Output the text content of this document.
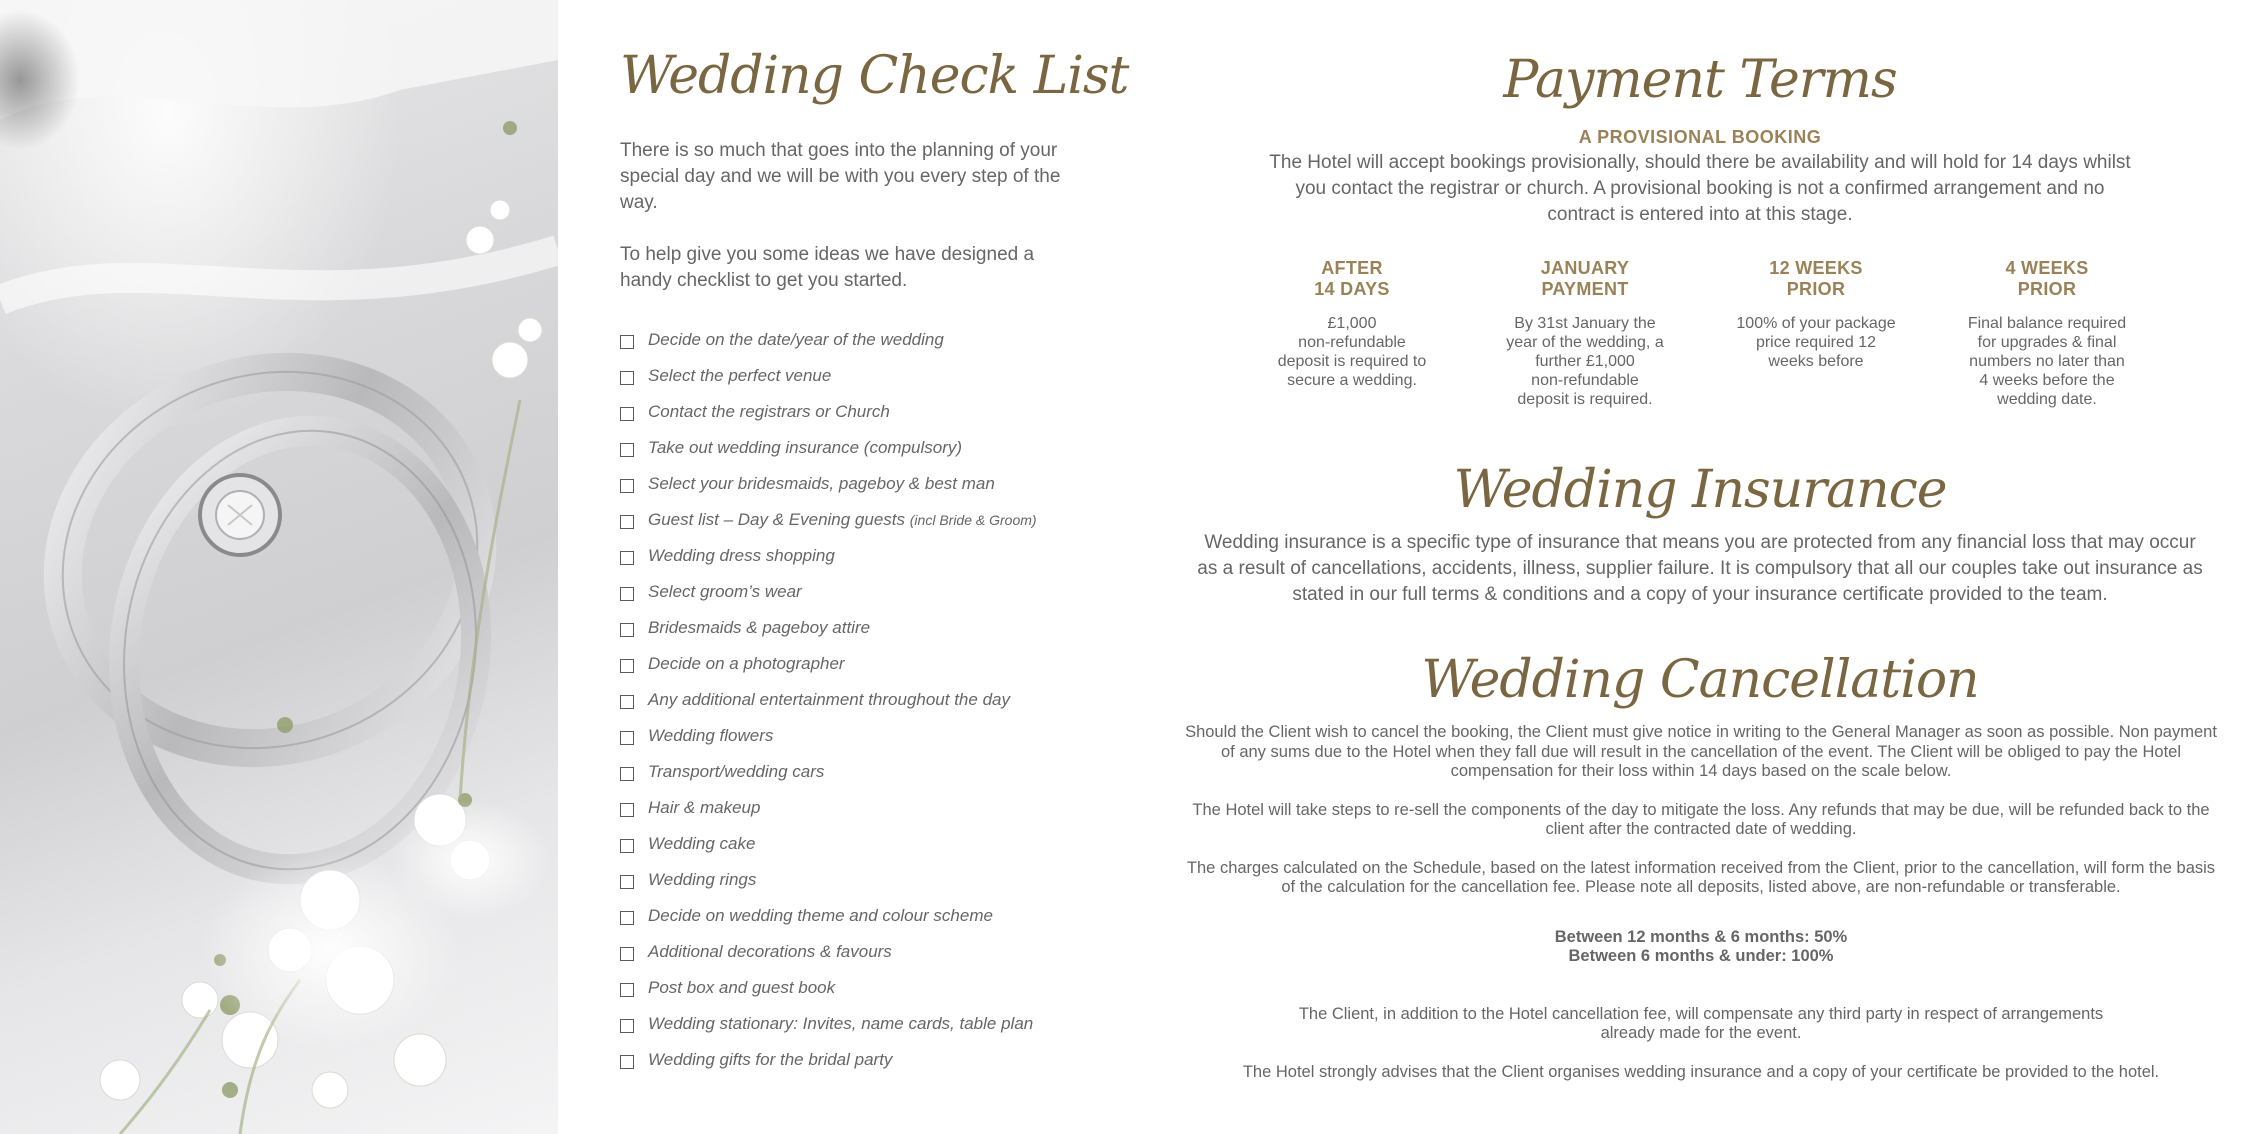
Wedding Check List

There is so much that goes into the planning of your special day and we will be with you every step of the way.

To help give you some ideas we have designed a handy checklist to get you started.

Decide on the date/year of the wedding
Select the perfect venue
Contact the registrars or Church
Take out wedding insurance (compulsory)
Select your bridesmaids, pageboy & best man
Guest list – Day & Evening guests
(incl Bride & Groom)
Wedding dress shopping
Select groom’s wear
Bridesmaids & pageboy attire
Decide on a photographer
Any additional entertainment throughout the day
Wedding flowers
Transport/wedding cars
Hair & makeup
Wedding cake
Wedding rings
Decide on wedding theme and colour scheme
Additional decorations & favours
Post box and guest book
Wedding stationary: Invites, name cards, table plan
Wedding gifts for the bridal party
Payment Terms
A PROVISIONAL BOOKING

The Hotel will accept bookings provisionally, should there be availability and will hold for 14 days whilst you contact the registrar or church. A provisional booking is not a confirmed arrangement and no contract is entered into at this stage.

AFTER
14 DAYS
£1,000
non-refundable
deposit is required to
secure a wedding.
JANUARY
PAYMENT
By 31st January the
year of the wedding, a
further £1,000
non-refundable
deposit is required.
12 WEEKS
PRIOR
100% of your package
price required 12
weeks before
4 WEEKS
PRIOR
Final balance required
for upgrades & final
numbers no later than
4 weeks before the
wedding date.
Wedding Insurance

Wedding insurance is a specific type of insurance that means you are protected from any financial loss that may occur as a result of cancellations, accidents, illness, supplier failure. It is compulsory that all our couples take out insurance as stated in our full terms & conditions and a copy of your insurance certificate provided to the team.

Wedding Cancellation

Should the Client wish to cancel the booking, the Client must give notice in writing to the General Manager as soon as possible. Non payment of any sums due to the Hotel when they fall due will result in the cancellation of the event. The Client will be obliged to pay the Hotel compensation for their loss within 14 days based on the scale below.

The Hotel will take steps to re-sell the components of the day to mitigate the loss. Any refunds that may be due, will be refunded back to the client after the contracted date of wedding.

The charges calculated on the Schedule, based on the latest information received from the Client, prior to the cancellation, will form the basis of the calculation for the cancellation fee. Please note all deposits, listed above, are non-refundable or transferable.

Between 12 months & 6 months: 50%

Between 6 months & under: 100%

The Client, in addition to the Hotel cancellation fee, will compensate any third party in respect of arrangements already made for the event.

The Hotel strongly advises that the Client organises wedding insurance and a copy of your certificate be provided to the hotel.
